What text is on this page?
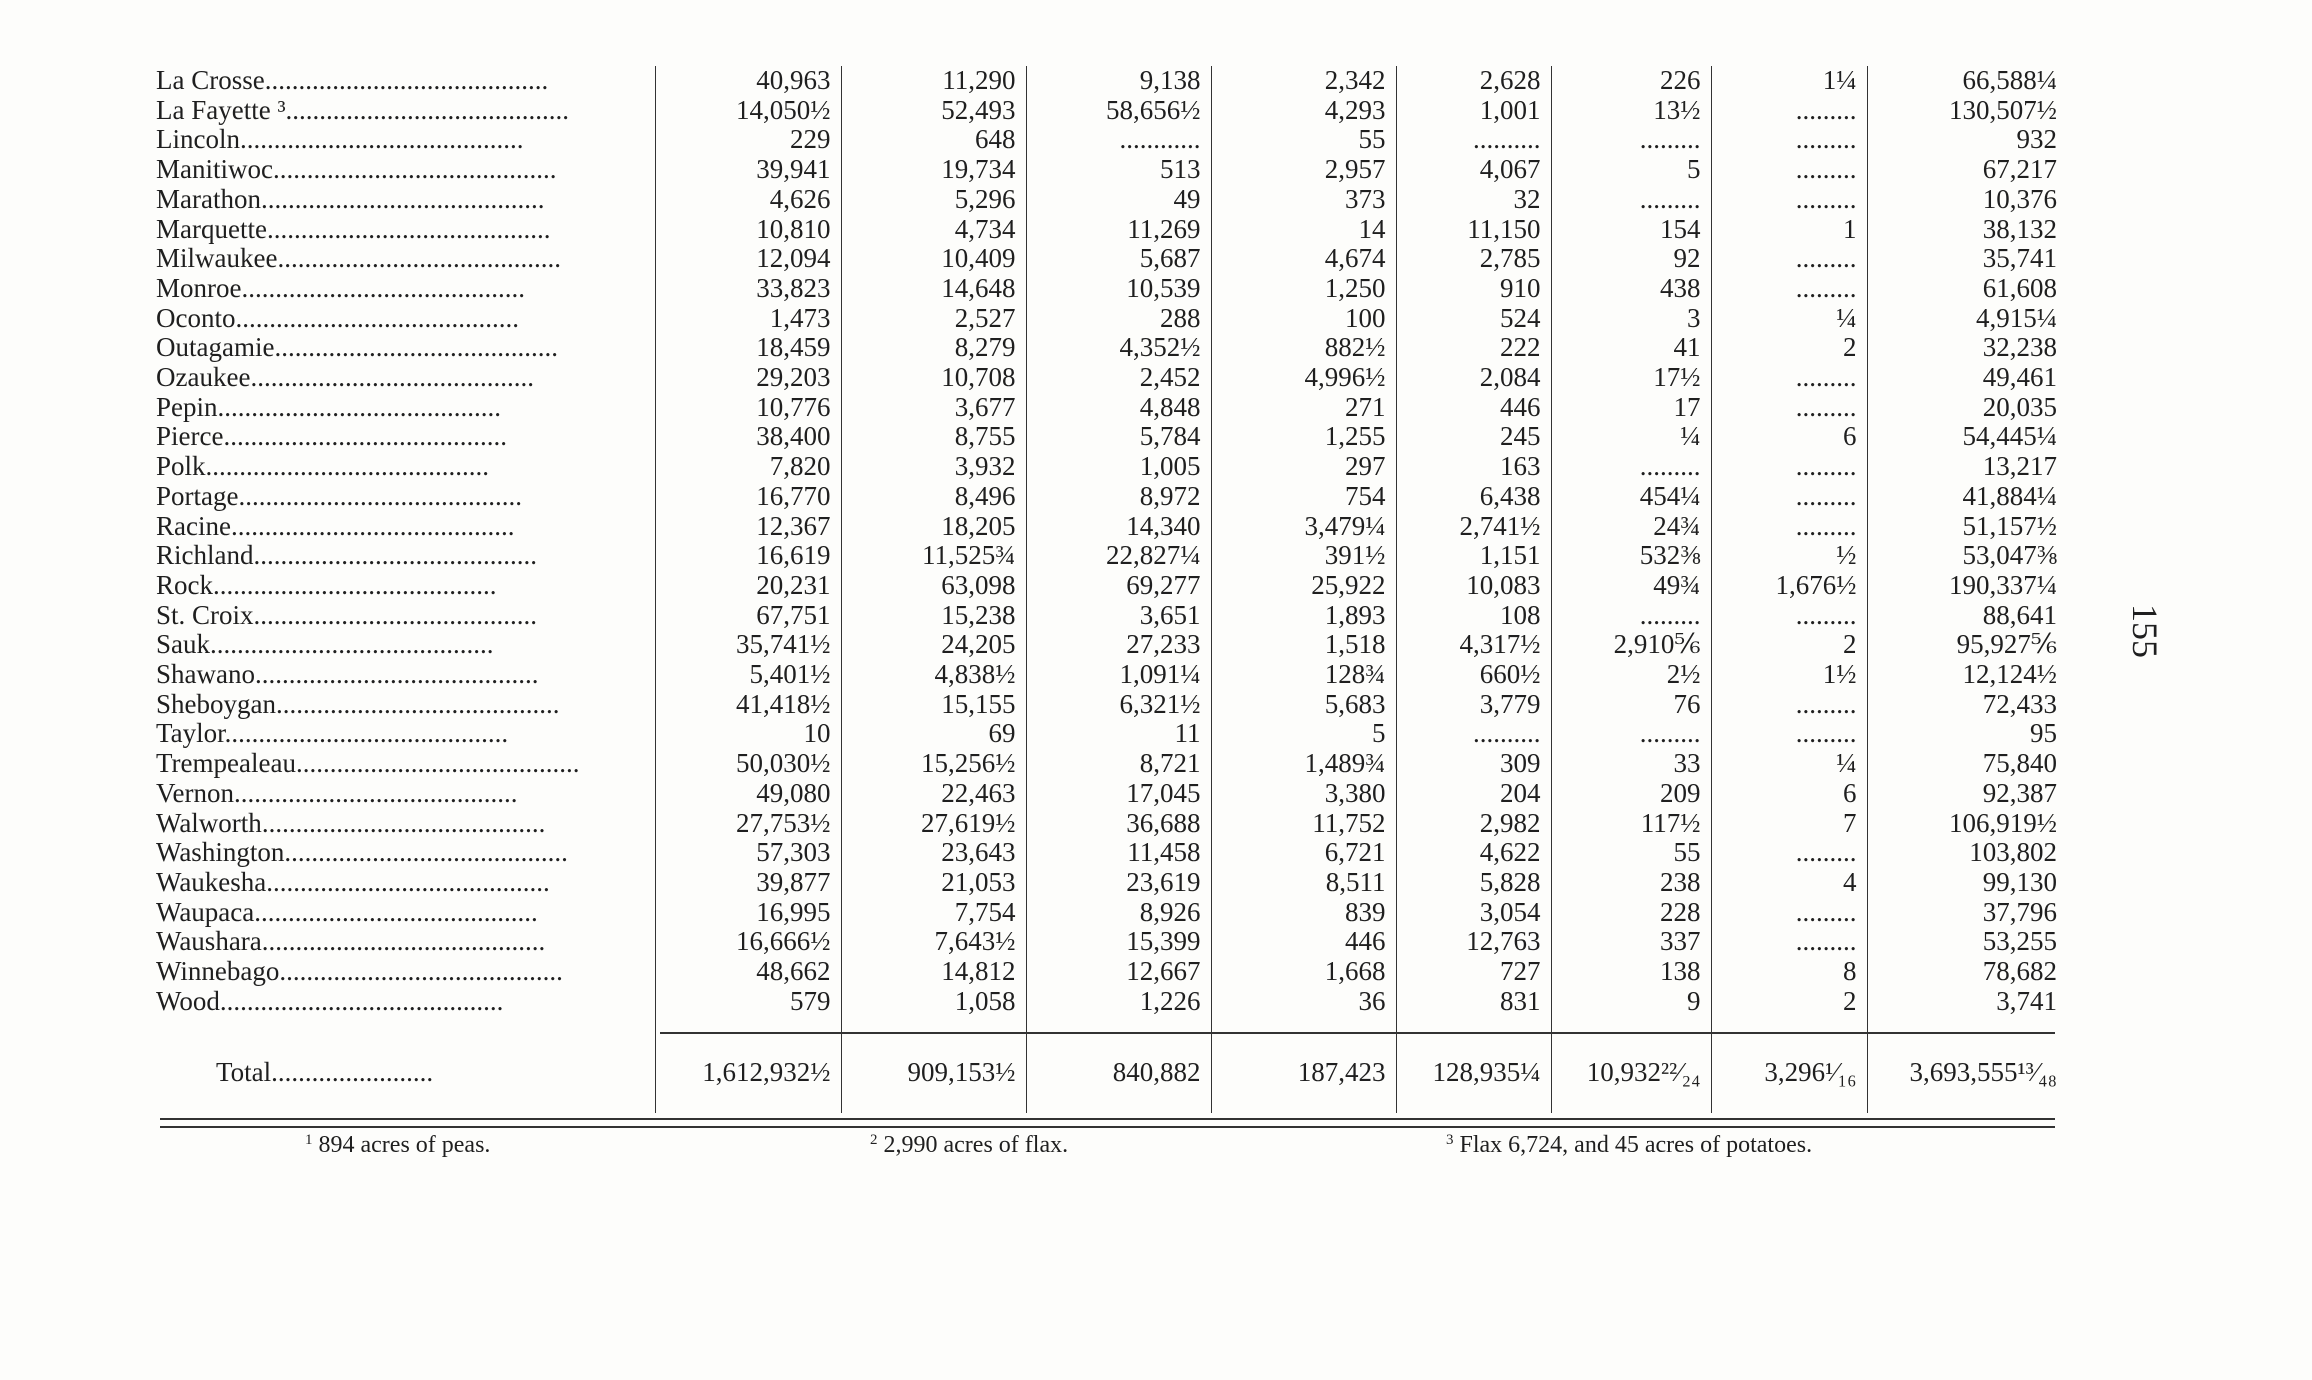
La Crosse..........................................	40,963	11,290	9,138	2,342	2,628	226	1¼	66,588¼
La Fayette ³..........................................	14,050½	52,493	58,656½	4,293	1,001	13½	.........	130,507½
Lincoln..........................................	229	648	............	55	..........	.........	.........	932
Manitiwoc..........................................	39,941	19,734	513	2,957	4,067	5	.........	67,217
Marathon..........................................	4,626	5,296	49	373	32	.........	.........	10,376
Marquette..........................................	10,810	4,734	11,269	14	11,150	154	1	38,132
Milwaukee..........................................	12,094	10,409	5,687	4,674	2,785	92	.........	35,741
Monroe..........................................	33,823	14,648	10,539	1,250	910	438	.........	61,608
Oconto..........................................	1,473	2,527	288	100	524	3	¼	4,915¼
Outagamie..........................................	18,459	8,279	4,352½	882½	222	41	2	32,238
Ozaukee..........................................	29,203	10,708	2,452	4,996½	2,084	17½	.........	49,461
Pepin..........................................	10,776	3,677	4,848	271	446	17	.........	20,035
Pierce..........................................	38,400	8,755	5,784	1,255	245	¼	6	54,445¼
Polk..........................................	7,820	3,932	1,005	297	163	.........	.........	13,217
Portage..........................................	16,770	8,496	8,972	754	6,438	454¼	.........	41,884¼
Racine..........................................	12,367	18,205	14,340	3,479¼	2,741½	24¾	.........	51,157½
Richland..........................................	16,619	11,525¾	22,827¼	391½	1,151	532⅜	½	53,047⅜
Rock..........................................	20,231	63,098	69,277	25,922	10,083	49¾	1,676½	190,337¼
St. Croix..........................................	67,751	15,238	3,651	1,893	108	.........	.........	88,641
Sauk..........................................	35,741½	24,205	27,233	1,518	4,317½	2,910⅚	2	95,927⅚
Shawano..........................................	5,401½	4,838½	1,091¼	128¾	660½	2½	1½	12,124½
Sheboygan..........................................	41,418½	15,155	6,321½	5,683	3,779	76	.........	72,433
Taylor..........................................	10	69	11	5	..........	.........	.........	95
Trempealeau..........................................	50,030½	15,256½	8,721	1,489¾	309	33	¼	75,840
Vernon..........................................	49,080	22,463	17,045	3,380	204	209	6	92,387
Walworth..........................................	27,753½	27,619½	36,688	11,752	2,982	117½	7	106,919½
Washington..........................................	57,303	23,643	11,458	6,721	4,622	55	.........	103,802
Waukesha..........................................	39,877	21,053	23,619	8,511	5,828	238	4	99,130
Waupaca..........................................	16,995	7,754	8,926	839	3,054	228	.........	37,796
Waushara..........................................	16,666½	7,643½	15,399	446	12,763	337	.........	53,255
Winnebago..........................................	48,662	14,812	12,667	1,668	727	138	8	78,682
Wood..........................................	579	1,058	1,226	36	831	9	2	3,741

Total........................	1,612,932½	909,153½	840,882	187,423	128,935¼	10,932²²⁄₂₄	3,296¹⁄₁₆	3,693,555¹³⁄₄₈
$^1$ 894 acres of peas.	$^2$ 2,990 acres of flax.	$^3$ Flax 6,724, and 45 acres of potatoes.
155
